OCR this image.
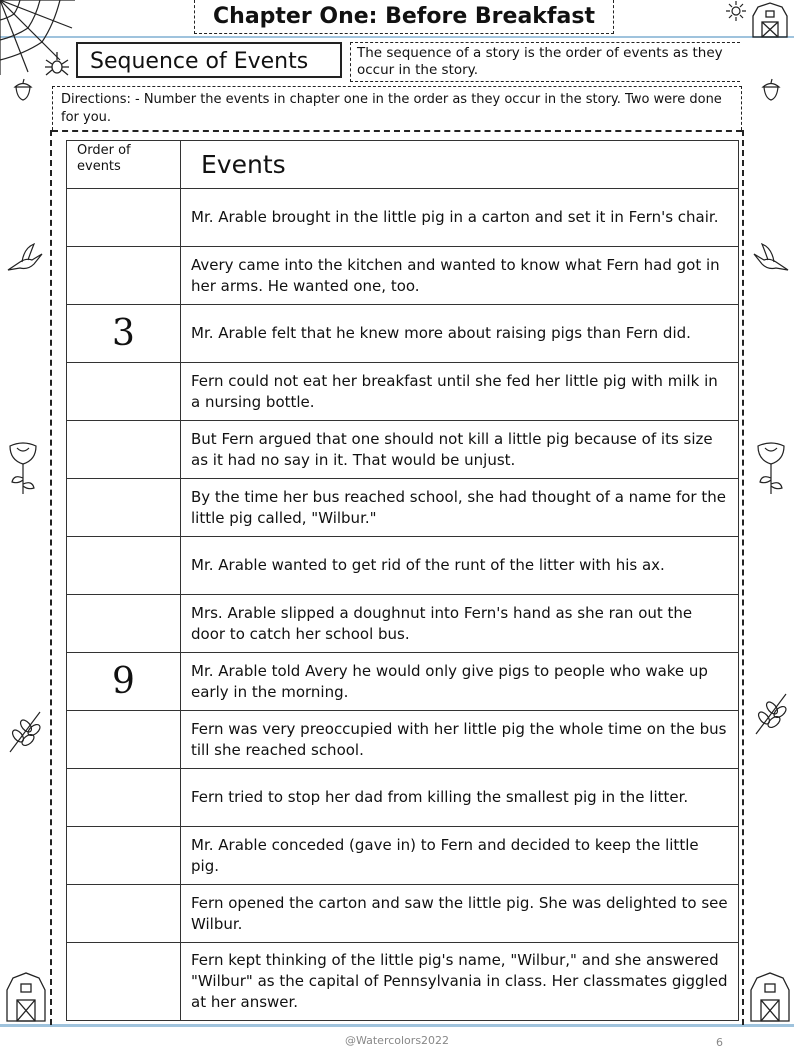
Chapter One: Before Breakfast
Sequence of Events	The sequence of a story is the order of events as they occur in the story.
Directions: - Number the events in chapter one in the order as they occur in the story. Two were done for you.
Order of events	Events
	Mr. Arable brought in the little pig in a carton and set it in Fern's chair.
	Avery came into the kitchen and wanted to know what Fern had got in her arms. He wanted one, too.
3	Mr. Arable felt that he knew more about raising pigs than Fern did.
	Fern could not eat her breakfast until she fed her little pig with milk in a nursing bottle.
	But Fern argued that one should not kill a little pig because of its size as it had no say in it. That would be unjust.
	By the time her bus reached school, she had thought of a name for the little pig called, "Wilbur."
	Mr. Arable wanted to get rid of the runt of the litter with his ax.
	Mrs. Arable slipped a doughnut into Fern's hand as she ran out the door to catch her school bus.
9	Mr. Arable told Avery he would only give pigs to people who wake up early in the morning.
	Fern was very preoccupied with her little pig the whole time on the bus till she reached school.
	Fern tried to stop her dad from killing the smallest pig in the litter.
	Mr. Arable conceded (gave in) to Fern and decided to keep the little pig.
	Fern opened the carton and saw the little pig. She was delighted to see Wilbur.
	Fern kept thinking of the little pig's name, "Wilbur," and she answered "Wilbur" as the capital of Pennsylvania in class. Her classmates giggled at her answer.
@Watercolors2022	6
